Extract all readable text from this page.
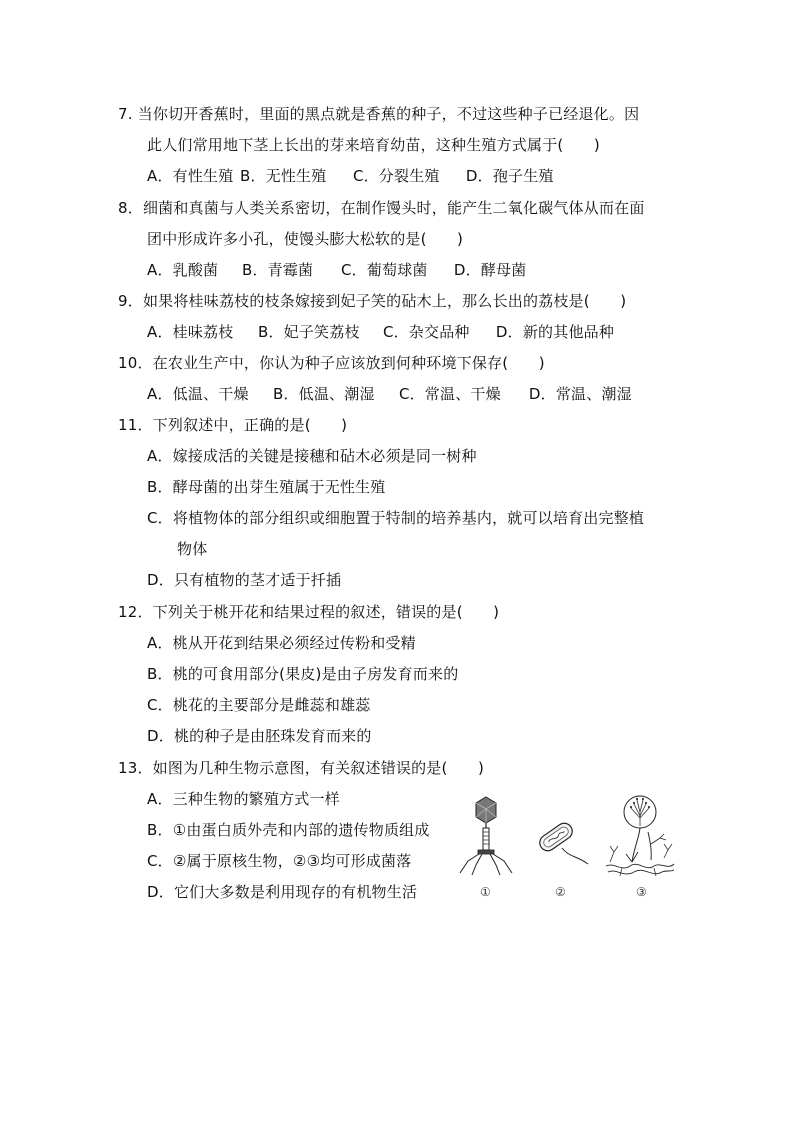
7. 当你切开香蕉时，里面的黑点就是香蕉的种子，不过这些种子已经退化。因
此人们常用地下茎上长出的芽来培育幼苗，这种生殖方式属于(　　)
A．有性生殖 B．无性生殖 C．分裂生殖 D．孢子生殖
8．细菌和真菌与人类关系密切，在制作馒头时，能产生二氧化碳气体从而在面
团中形成许多小孔，使馒头膨大松软的是(　　)
A．乳酸菌 B．青霉菌 C．葡萄球菌 D．酵母菌
9．如果将桂味荔枝的枝条嫁接到妃子笑的砧木上，那么长出的荔枝是(　　)
A．桂味荔枝 B．妃子笑荔枝 C．杂交品种 D．新的其他品种
10．在农业生产中，你认为种子应该放到何种环境下保存(　　)
A．低温、干燥 B．低温、潮湿 C．常温、干燥 D．常温、潮湿
11．下列叙述中，正确的是(　　)
A．嫁接成活的关键是接穗和砧木必须是同一树种
B．酵母菌的出芽生殖属于无性生殖
C．将植物体的部分组织或细胞置于特制的培养基内，就可以培育出完整植
物体
D．只有植物的茎才适于扦插
12．下列关于桃开花和结果过程的叙述，错误的是(　　)
A．桃从开花到结果必须经过传粉和受精
B．桃的可食用部分(果皮)是由子房发育而来的
C．桃花的主要部分是雌蕊和雄蕊
D．桃的种子是由胚珠发育而来的
13．如图为几种生物示意图，有关叙述错误的是(　　)
A．三种生物的繁殖方式一样
B．①由蛋白质外壳和内部的遗传物质组成
C．②属于原核生物，②③均可形成菌落
D．它们大多数是利用现存的有机物生活	①	②	③
